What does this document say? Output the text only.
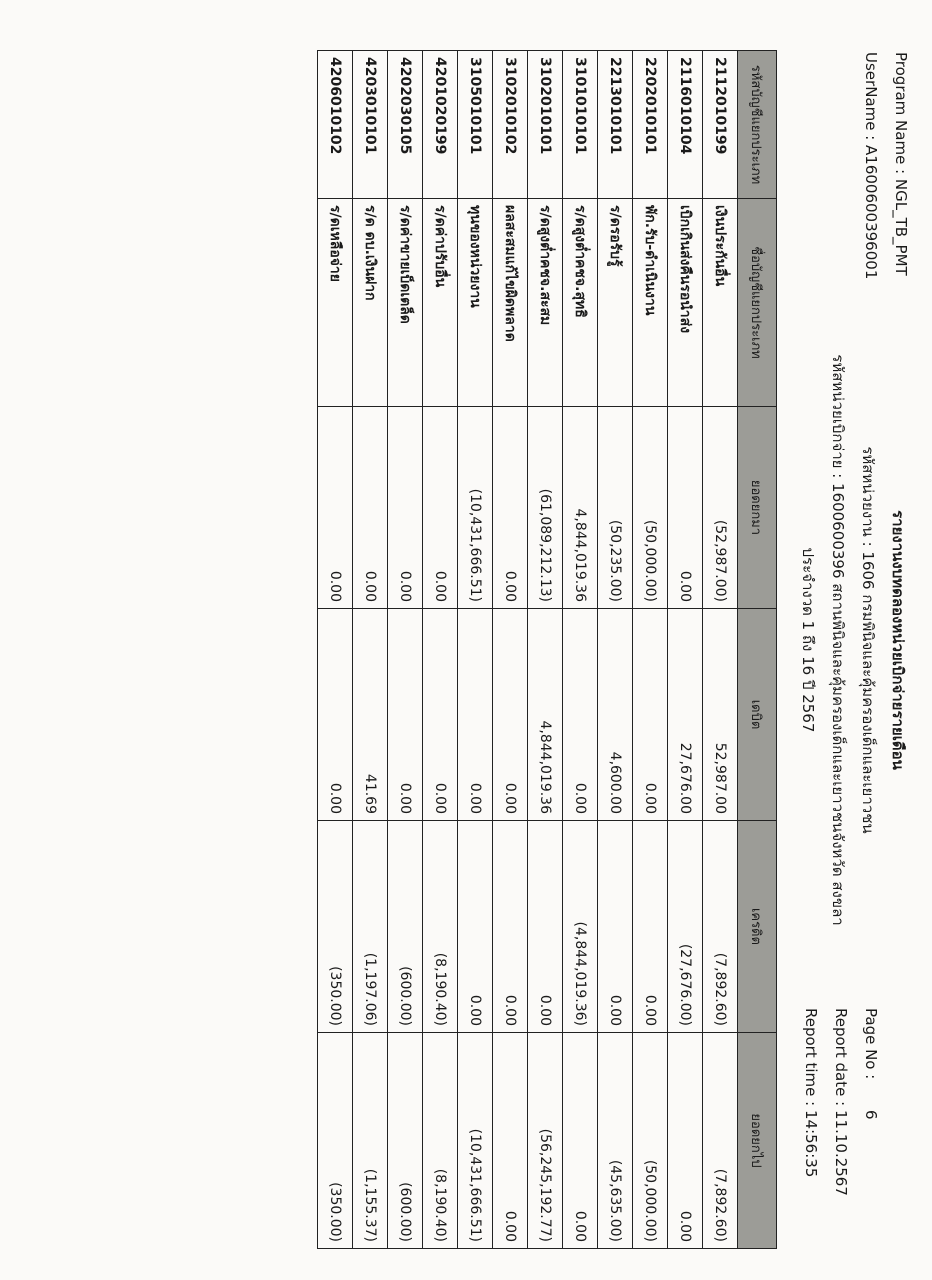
รายงานงบทดลองหน่วยเบิกจ่ายรายเดือน
Program Name : NGL_TB_PMT
UserName : A1600600396001
รหัสหน่วยงาน : 1606 กรมพินิจและคุ้มครองเด็กและเยาวชน
รหัสหน่วยเบิกจ่าย : 1600600396 สถานพินิจและคุ้มครองเด็กและเยาวชนจังหวัด สงขลา
ประจำงวด 1 ถึง 16 ปี 2567
Page No :
6
Report date :
11.10.2567
Report time :
14:56:35
รหัสบัญชีแยกประเภท	ชื่อบัญชีแยกประเภท	ยอดยกมา	เดบิต	เครดิต	ยอดยกไป
2112010199	เงินประกันอื่น	(52,987.00)	52,987.00	(7,892.60)	(7,892.60)
2116010104	เบิกเกินส่งคืนรอนำส่ง	0.00	27,676.00	(27,676.00)	0.00
2202010101	พัก.รับ-ดำเนินงาน	(50,000.00)	0.00	0.00	(50,000.00)
2213010101	ร/ดรอรับรู้	(50,235.00)	4,600.00	0.00	(45,635.00)
3101010101	ร/ดสูงต่ำคชจ.สุทธิ	4,844,019.36	0.00	(4,844,019.36)	0.00
3102010101	ร/ดสูงต่ำคชจ.สะสม	(61,089,212.13)	4,844,019.36	0.00	(56,245,192.77)
3102010102	ผลสะสมแก้ไขผิดพลาด	0.00	0.00	0.00	0.00
3105010101	ทุนของหน่วยงาน	(10,431,666.51)	0.00	0.00	(10,431,666.51)
4201020199	ร/ดค่าปรับอื่น	0.00	0.00	(8,190.40)	(8,190.40)
4202030105	ร/ดค่าขายเบ็ดเตล็ด	0.00	0.00	(600.00)	(600.00)
4203010101	ร/ด ดบ.เงินฝาก	0.00	41.69	(1,197.06)	(1,155.37)
4206010102	ร/ดเหลือจ่าย	0.00	0.00	(350.00)	(350.00)
